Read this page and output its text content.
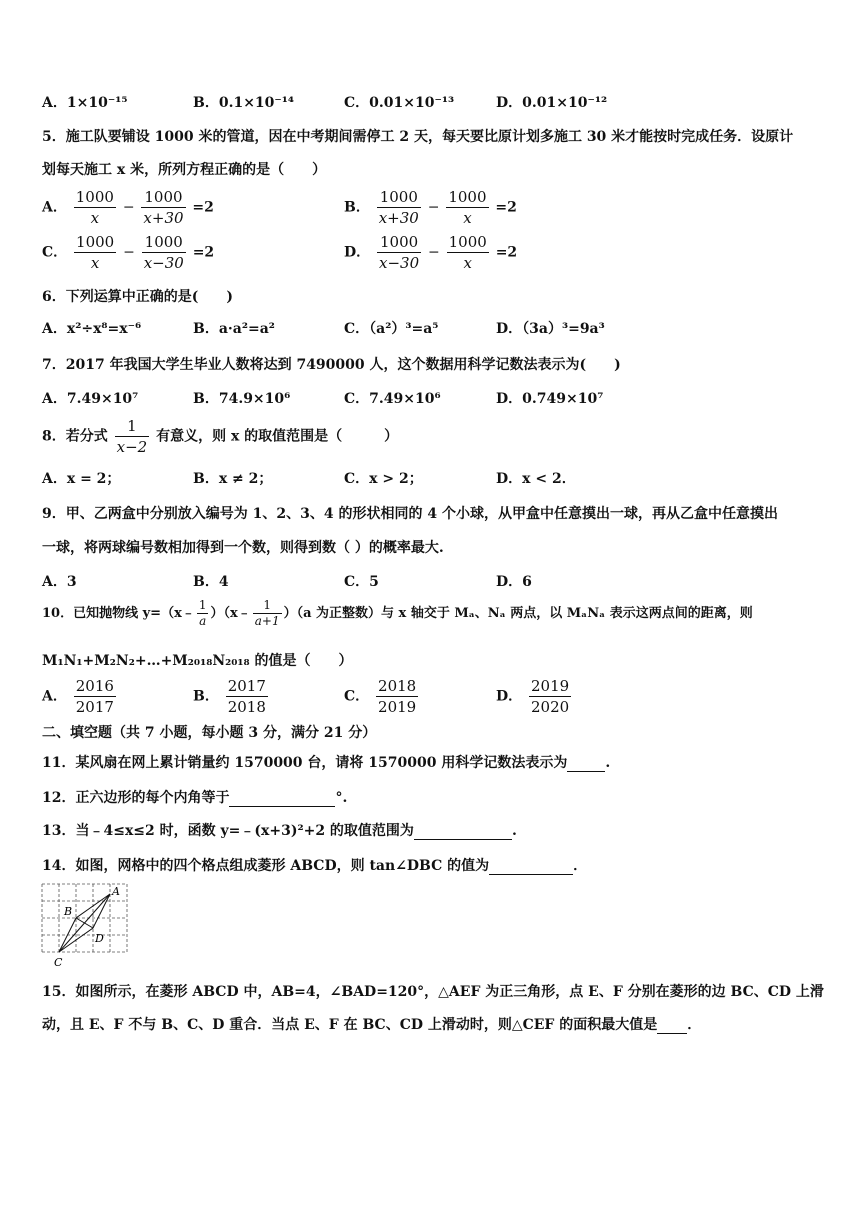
A．1×10⁻¹⁵	B．0.1×10⁻¹⁴	C．0.01×10⁻¹³	D．0.01×10⁻¹²
5．施工队要铺设 1000 米的管道，因在中考期间需停工 2 天，每天要比原计划多施工 30 米才能按时完成任务．设原计
划每天施工 x 米，所列方程正确的是（　　）
A． $\frac{1000}{x} - \frac{1000}{x+30} =2$	B． $\frac{1000}{x+30} - \frac{1000}{x} =2$
C． $\frac{1000}{x} - \frac{1000}{x-30} =2$	D． $\frac{1000}{x-30} - \frac{1000}{x} =2$
6．下列运算中正确的是(　　)
A．x²÷x⁸=x⁻⁶	B．a·a²=a²	C．（a²）³=a⁵	D．（3a）³=9a³
7．2017 年我国大学生毕业人数将达到 7490000 人，这个数据用科学记数法表示为(　　)
A．7.49×10⁷	B．74.9×10⁶	C．7.49×10⁶	D．0.749×10⁷
8．若分式 $\frac{1}{x-2}$ 有意义，则 x 的取值范围是（　　　）
A．x = 2；	B．x ≠ 2；	C．x > 2；	D．x < 2．
9．甲、乙两盒中分别放入编号为 1、2、3、4 的形状相同的 4 个小球，从甲盒中任意摸出一球，再从乙盒中任意摸出
一球，将两球编号数相加得到一个数，则得到数（ ）的概率最大.
A．3	B．4	C．5	D．6
10．已知抛物线 y=（x﹣ $\frac{1}{a}$ ）（x﹣ $\frac{1}{a+1} )(a$ 为正整数）与 x 轴交于 Mₐ、Nₐ 两点，以 MₐNₐ 表示这两点间的距离，则
M₁N₁+M₂N₂+…+M₂₀₁₈N₂₀₁₈ 的值是（　　）
A． $\frac{2016}{2017}$	B． $\frac{2017}{2018}$	C． $\frac{2018}{2019}$	D． $\frac{2019}{2020}$
二、填空题（共 7 小题，每小题 3 分，满分 21 分）
11．某风扇在网上累计销量约 1570000 台，请将 1570000 用科学记数法表示为	.
12．正六边形的每个内角等于	°.
13．当﹣4≤x≤2 时，函数 y=﹣(x+3)²+2 的取值范围为	.
14．如图，网格中的四个格点组成菱形 ABCD，则 tan∠DBC 的值为	．
A
B
C
D
15．如图所示，在菱形 ABCD 中，AB=4，∠BAD=120°，△AEF 为正三角形，点 E、F 分别在菱形的边 BC、CD 上滑
动，且 E、F 不与 B、C、D 重合．当点 E、F 在 BC、CD 上滑动时，则△CEF 的面积最大值是 ．
